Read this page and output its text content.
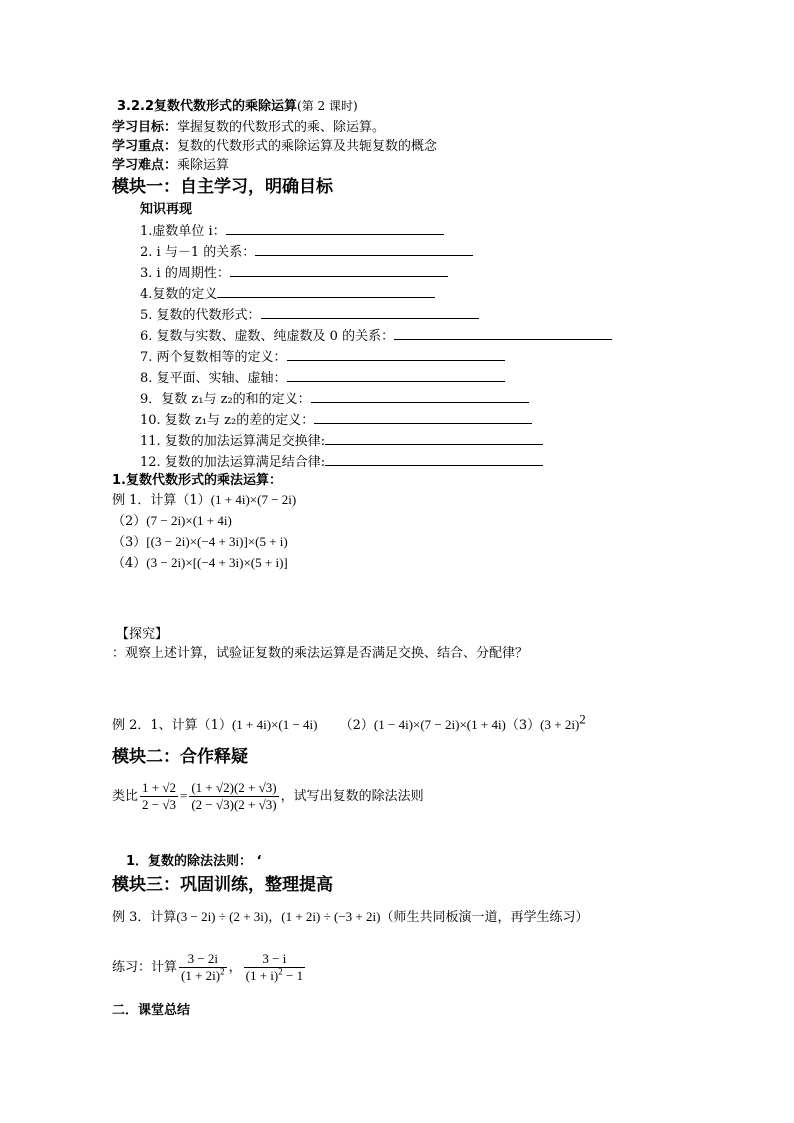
3.2.2复数代数形式的乘除运算(第 2 课时)
学习目标：掌握复数的代数形式的乘、除运算。
学习重点：复数的代数形式的乘除运算及共轭复数的概念
学习难点：乘除运算
模块一：自主学习，明确目标
知识再现
1.虚数单位 i：
2. i 与－1 的关系：
3. i 的周期性：
4.复数的定义
5. 复数的代数形式：
6. 复数与实数、虚数、纯虚数及 0 的关系：
7. 两个复数相等的定义：
8. 复平面、实轴、虚轴：
9．复数 z₁与 z₂的和的定义：
10. 复数 z₁与 z₂的差的定义：
11. 复数的加法运算满足交换律:
12. 复数的加法运算满足结合律:
1.复数代数形式的乘法运算：
例 1．计算（1）(1 + 4i)×(7 − 2i)
（2）(7 − 2i)×(1 + 4i)
（3）[(3 − 2i)×(−4 + 3i)]×(5 + i)
（4）(3 − 2i)×[(−4 + 3i)×(5 + i)]
【探究】
：观察上述计算，试验证复数的乘法运算是否满足交换、结合、分配律？
例 2．1、计算（1）(1 + 4i)×(1 − 4i) $(2)(1 - 4i)\times(7 - 2i)\times(1 + 4i)(3)(3 + 2i)^2$
模块二：合作释疑
类比 $\frac{1 + √2}{2 - √3} = \frac{(1 + √2)(2 + √3)}{(2 - √3)(2 + √3)}$ ，试写出复数的除法法则
1．复数的除法法则： ‘
模块三：巩固训练，整理提高
例 3．计算(3 − 2i) ÷ (2 + 3i)，(1 + 2i) ÷ (−3 + 2i)（师生共同板演一道，再学生练习）
练习：计算 $\frac{3 - 2i}{(1 + 2i)^2}$ ， $\frac{3 - i}{(1 + i)^2 - 1}$
二．课堂总结
